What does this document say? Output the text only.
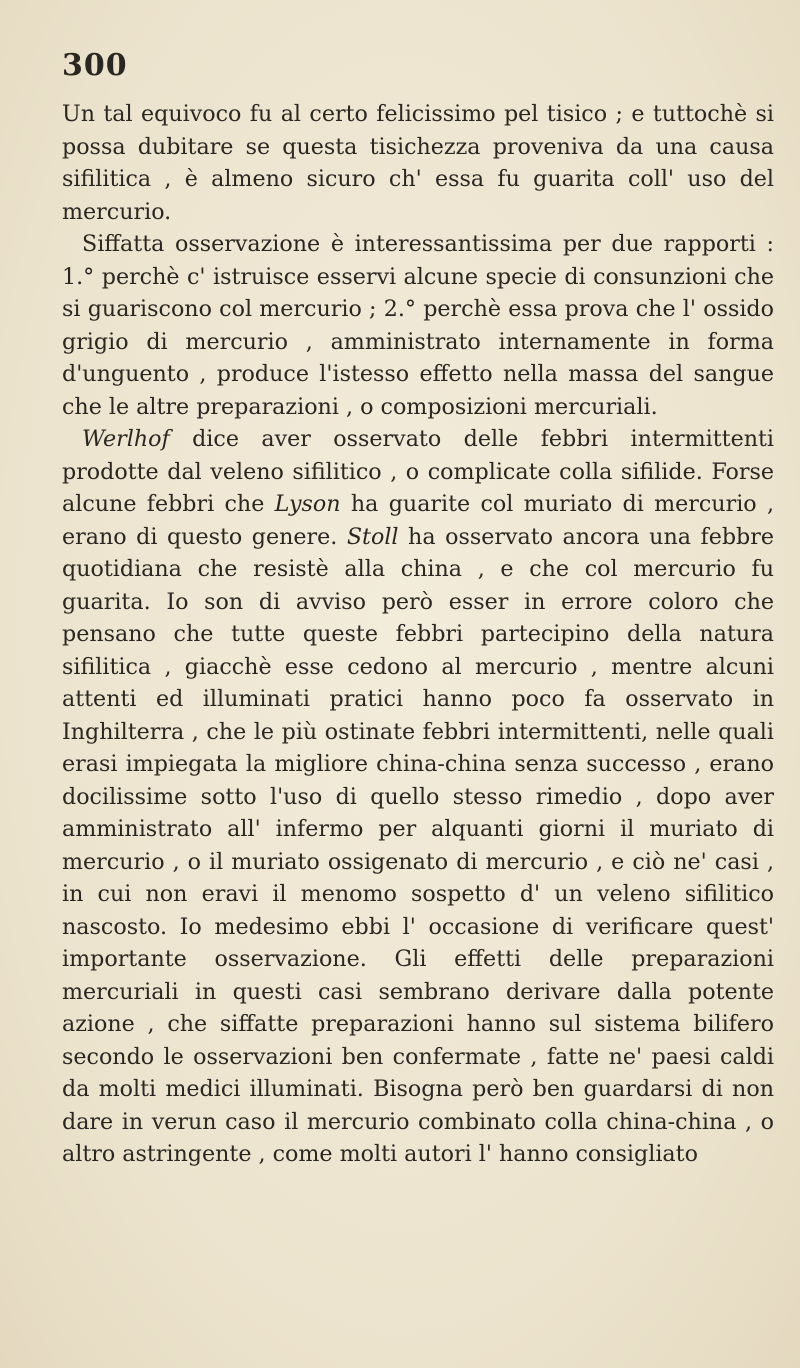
300

Un tal equivoco fu al certo felicissimo pel tisico ; e tuttochè si possa dubitare se questa tisichezza proveniva da una causa sifilitica , è almeno sicuro ch' essa fu guarita coll' uso del mercurio.

Siffatta osservazione è interessantissima per due rapporti : 1.° perchè c' istruisce esservi alcune specie di consunzioni che si guariscono col mercurio ; 2.° perchè essa prova che l' ossido grigio di mercurio , amministrato internamente in forma d'unguento , produce l'istesso effetto nella massa del sangue che le altre preparazioni , o composizioni mercuriali.

Werlhof dice aver osservato delle febbri intermittenti prodotte dal veleno sifilitico , o complicate colla sifilide. Forse alcune febbri che Lyson ha guarite col muriato di mercurio , erano di questo genere. Stoll ha osservato ancora una febbre quotidiana che resistè alla china , e che col mercurio fu guarita. Io son di avviso però esser in errore coloro che pensano che tutte queste febbri partecipino della natura sifilitica , giacchè esse cedono al mercurio , mentre alcuni attenti ed illuminati pratici hanno poco fa osservato in Inghilterra , che le più ostinate febbri intermittenti, nelle quali erasi impiegata la migliore china-china senza successo , erano docilissime sotto l'uso di quello stesso rimedio , dopo aver amministrato all' infermo per alquanti giorni il muriato di mercurio , o il muriato ossigenato di mercurio , e ciò ne' casi , in cui non eravi il menomo sospetto d' un veleno sifilitico nascosto. Io medesimo ebbi l' occasione di verificare quest' importante osservazione. Gli effetti delle preparazioni mercuriali in questi casi sembrano derivare dalla potente azione , che siffatte preparazioni hanno sul sistema bilifero secondo le osservazioni ben confermate , fatte ne' paesi caldi da molti medici illuminati. Bisogna però ben guardarsi di non dare in verun caso il mercurio combinato colla china-china , o altro astringente , come molti autori l' hanno consigliato
